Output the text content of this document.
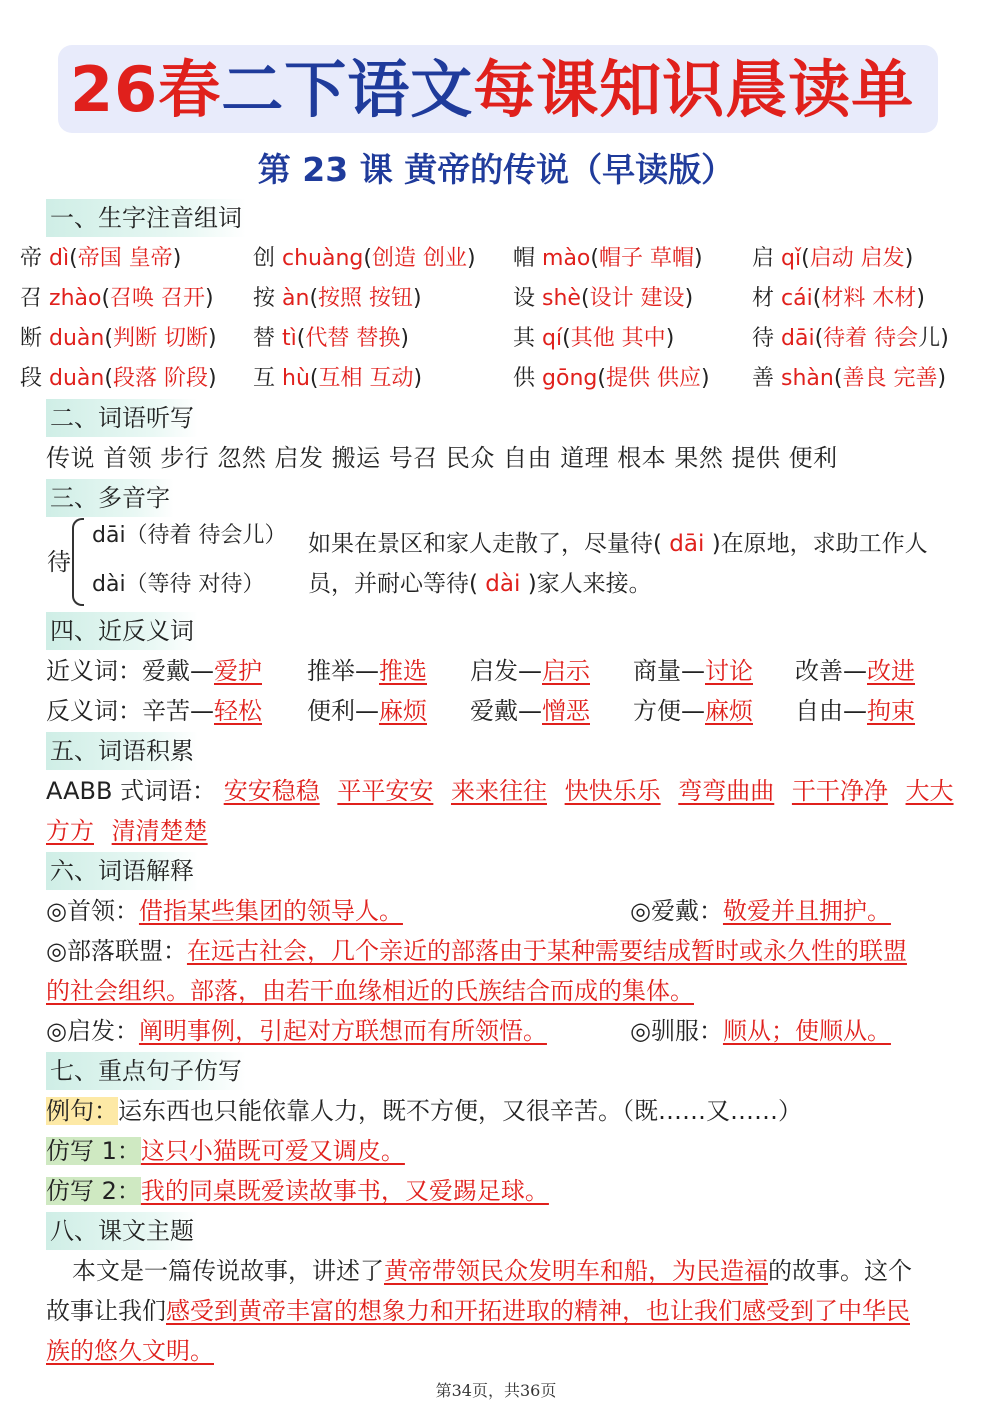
26春二下语文每课知识晨读单
第 23 课 黄帝的传说（早读版）
一、生字注音组词
帝 dì(帝国 皇帝)	创 chuàng(创造 创业) 帽 mào(帽子 草帽) 启 qǐ(启动 启发)
召 zhào(召唤 召开) 按 àn(按照 按钮)	设 shè(设计 建设)	材 cái(材料 木材)
断 duàn(判断 切断) 替 tì(代替 替换)	其 qí(其他 其中)	待 dāi(待着 待会儿)
段 duàn(段落 阶段) 互 hù(互相 互动)	供 gōng(提供 供应) 善 shàn(善良 完善)
二、词语听写
传说 首领 步行 忽然 启发 搬运 号召 民众 自由 道理 根本 果然 提供 便利
三、多音字
待
dāi（待着 待会儿）
dài（等待 对待）
如果在景区和家人走散了，尽量待( dāi )在原地，求助工作人
员，并耐心等待( dài )家人来接。
四、近反义词
近义词：爱戴—爱护 推举—推选 启发—启示 商量—讨论 改善—改进
反义词：辛苦—轻松 便利—麻烦 爱戴—憎恶 方便—麻烦 自由—拘束
五、词语积累
AABB 式词语： 安安稳稳 平平安安 来来往往 快快乐乐 弯弯曲曲 干干净净 大大
方方 清清楚楚
六、词语解释
◎首领：借指某些集团的领导人。	◎爱戴：敬爱并且拥护。
◎部落联盟：在远古社会，几个亲近的部落由于某种需要结成暂时或永久性的联盟
的社会组织。部落，由若干血缘相近的氏族结合而成的集体。
◎启发：阐明事例，引起对方联想而有所领悟。	◎驯服：顺从；使顺从。
七、重点句子仿写
例句：运东西也只能依靠人力，既不方便，又很辛苦。（既……又……）
仿写 1：这只小猫既可爱又调皮。
仿写 2：我的同桌既爱读故事书，又爱踢足球。
八、课文主题
本文是一篇传说故事，讲述了黄帝带领民众发明车和船，为民造福的故事。这个
故事让我们感受到黄帝丰富的想象力和开拓进取的精神，也让我们感受到了中华民
族的悠久文明。
第34页，共36页
